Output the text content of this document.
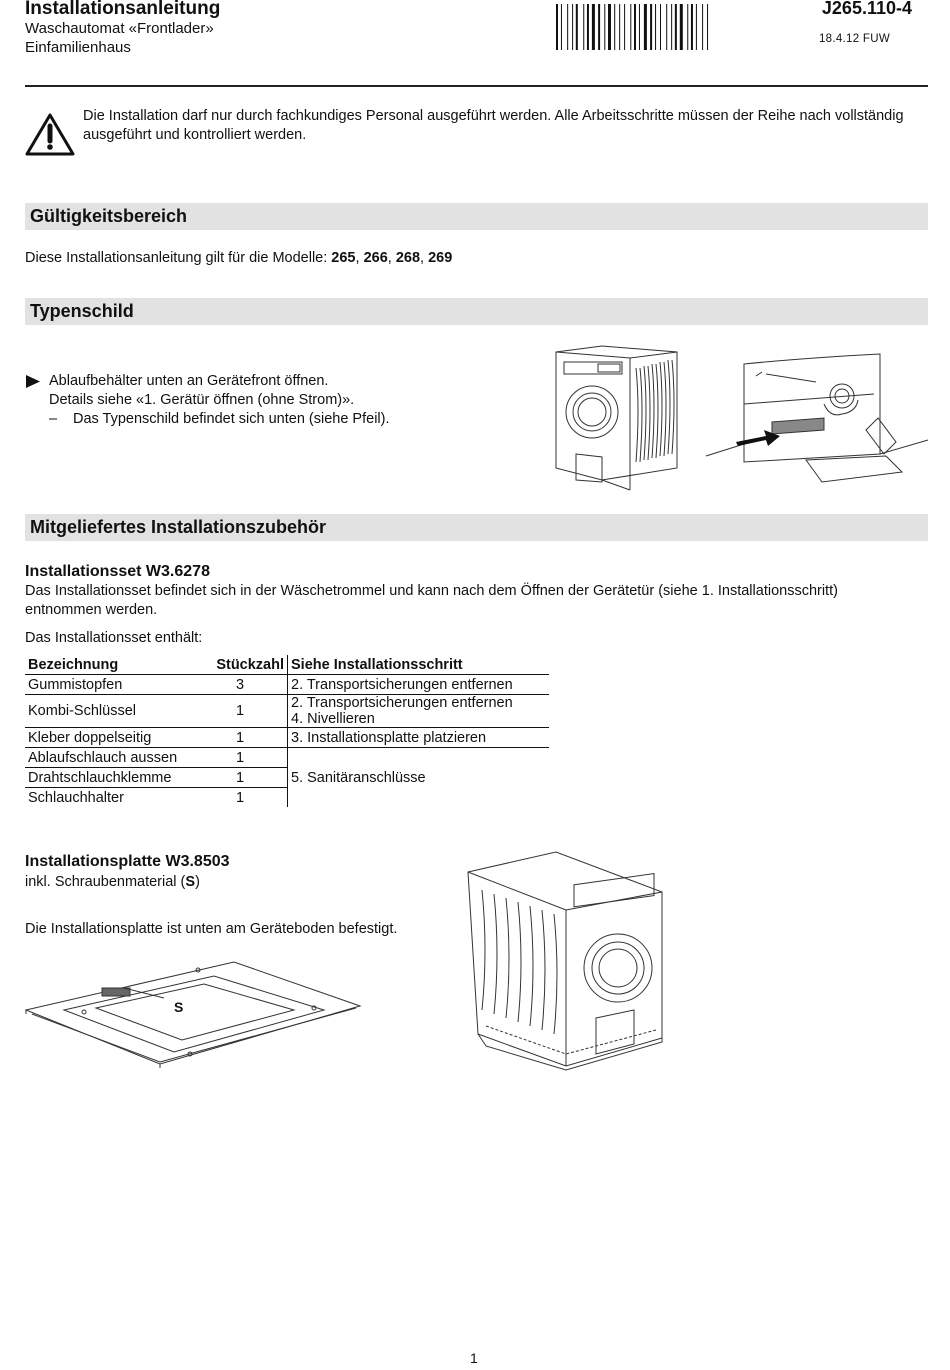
Installationsanleitung
Waschautomat «Frontlader»
Einfamilienhaus
J265.110-4
18.4.12 FUW
Die Installation darf nur durch fachkundiges Personal ausgeführt werden. Alle Arbeitsschritte müssen der Reihe nach vollständig ausgeführt und kontrolliert werden.
Gültigkeitsbereich
Diese Installationsanleitung gilt für die Modelle: 265, 266, 268, 269
Typenschild
Ablaufbehälter unten an Gerätefront öffnen.
Details siehe «1. Gerätür öffnen (ohne Strom)».
– Das Typenschild befindet sich unten (siehe Pfeil).
Mitgeliefertes Installationszubehör
Installationsset W3.6278
Das Installationsset befindet sich in der Wäschetrommel und kann nach dem Öffnen der Gerätetür (siehe 1. Installationsschritt) entnommen werden.
Das Installationsset enthält:
Bezeichnung	Stückzahl	Siehe Installationsschritt
Gummistopfen	3	2. Transportsicherungen entfernen
Kombi-Schlüssel	1	2. Transportsicherungen entfernen
4. Nivellieren

Kleber doppelseitig	1	3. Installationsplatte platzieren
Ablaufschlauch aussen	1	5. Sanitäranschlüsse
Drahtschlauchklemme	1	
Schlauchhalter	1	
Installationsplatte W3.8503
inkl. Schraubenmaterial (S)
Die Installationsplatte ist unten am Geräteboden befestigt.
S
1
